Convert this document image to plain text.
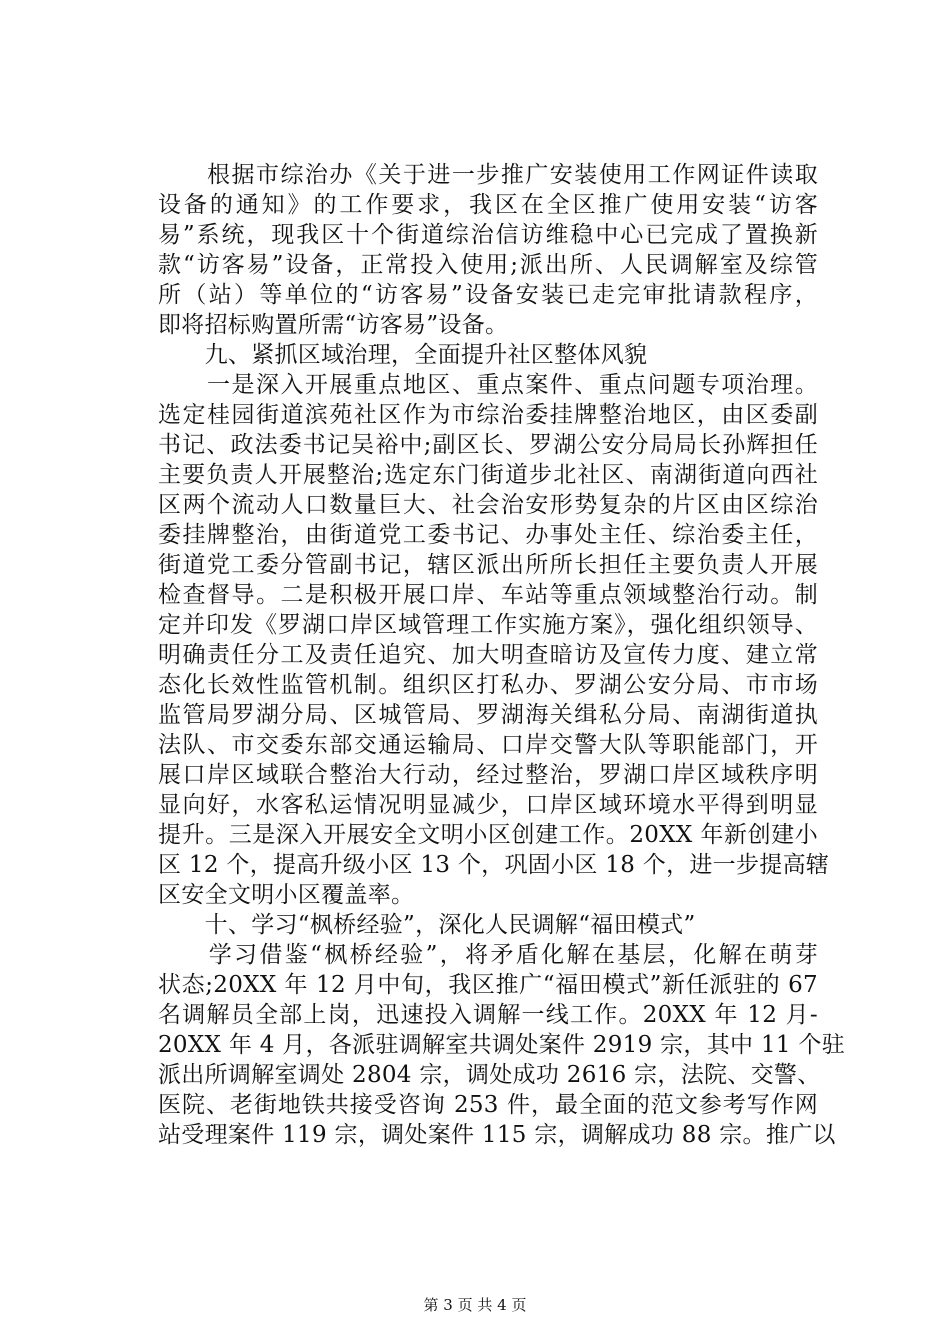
　　根据市综治办《关于进一步推广安装使用工作网证件读取
设备的通知》的工作要求，我区在全区推广使用安装“访客
易”系统，现我区十个街道综治信访维稳中心已完成了置换新
款“访客易”设备，正常投入使用;派出所、人民调解室及综管
所（站）等单位的“访客易”设备安装已走完审批请款程序，
即将招标购置所需“访客易”设备。
　　九、紧抓区域治理，全面提升社区整体风貌
　　一是深入开展重点地区、重点案件、重点问题专项治理。
选定桂园街道滨苑社区作为市综治委挂牌整治地区，由区委副
书记、政法委书记吴裕中;副区长、罗湖公安分局局长孙辉担任
主要负责人开展整治;选定东门街道步北社区、南湖街道向西社
区两个流动人口数量巨大、社会治安形势复杂的片区由区综治
委挂牌整治，由街道党工委书记、办事处主任、综治委主任，
街道党工委分管副书记，辖区派出所所长担任主要负责人开展
检查督导。二是积极开展口岸、车站等重点领域整治行动。制
定并印发《罗湖口岸区域管理工作实施方案》，强化组织领导、
明确责任分工及责任追究、加大明查暗访及宣传力度、建立常
态化长效性监管机制。组织区打私办、罗湖公安分局、市市场
监管局罗湖分局、区城管局、罗湖海关缉私分局、南湖街道执
法队、市交委东部交通运输局、口岸交警大队等职能部门，开
展口岸区域联合整治大行动，经过整治，罗湖口岸区域秩序明
显向好，水客私运情况明显减少，口岸区域环境水平得到明显
提升。三是深入开展安全文明小区创建工作。20XX 年新创建小
区 12 个，提高升级小区 13 个，巩固小区 18 个，进一步提高辖
区安全文明小区覆盖率。
　　十、学习“枫桥经验”，深化人民调解“福田模式”
　　学习借鉴“枫桥经验”，将矛盾化解在基层，化解在萌芽
状态;20XX 年 12 月中旬，我区推广“福田模式”新任派驻的 67
名调解员全部上岗，迅速投入调解一线工作。20XX 年 12 月-
20XX 年 4 月，各派驻调解室共调处案件 2919 宗，其中 11 个驻
派出所调解室调处 2804 宗，调处成功 2616 宗，法院、交警、
医院、老街地铁共接受咨询 253 件，最全面的范文参考写作网
站受理案件 119 宗，调处案件 115 宗，调解成功 88 宗。推广以
第 3 页 共 4 页
